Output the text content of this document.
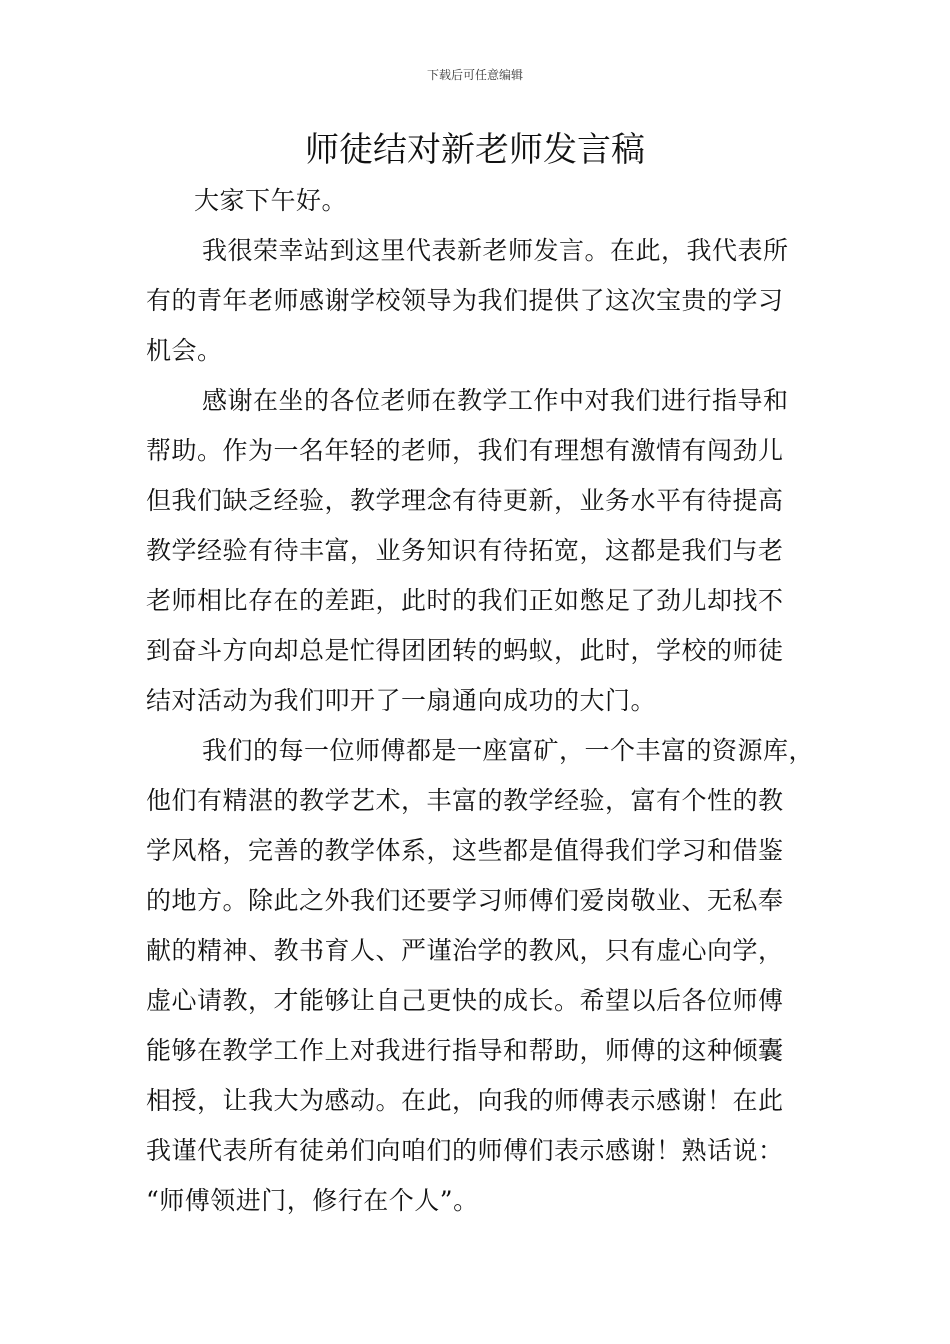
下载后可任意编辑
师徒结对新老师发言稿
大家下午好。
我很荣幸站到这里代表新老师发言。在此，我代表所
有的青年老师感谢学校领导为我们提供了这次宝贵的学习
机会。
感谢在坐的各位老师在教学工作中对我们进行指导和
帮助。作为一名年轻的老师，我们有理想有激情有闯劲儿
但我们缺乏经验，教学理念有待更新，业务水平有待提高
教学经验有待丰富，业务知识有待拓宽，这都是我们与老
老师相比存在的差距，此时的我们正如憋足了劲儿却找不
到奋斗方向却总是忙得团团转的蚂蚁，此时，学校的师徒
结对活动为我们叩开了一扇通向成功的大门。
我们的每一位师傅都是一座富矿，一个丰富的资源库，
他们有精湛的教学艺术，丰富的教学经验，富有个性的教
学风格，完善的教学体系，这些都是值得我们学习和借鉴
的地方。除此之外我们还要学习师傅们爱岗敬业、无私奉
献的精神、教书育人、严谨治学的教风，只有虚心向学，
虚心请教，才能够让自己更快的成长。希望以后各位师傅
能够在教学工作上对我进行指导和帮助，师傅的这种倾囊
相授，让我大为感动。在此，向我的师傅表示感谢！在此
我谨代表所有徒弟们向咱们的师傅们表示感谢！熟话说：
“师傅领进门，修行在个人”。
